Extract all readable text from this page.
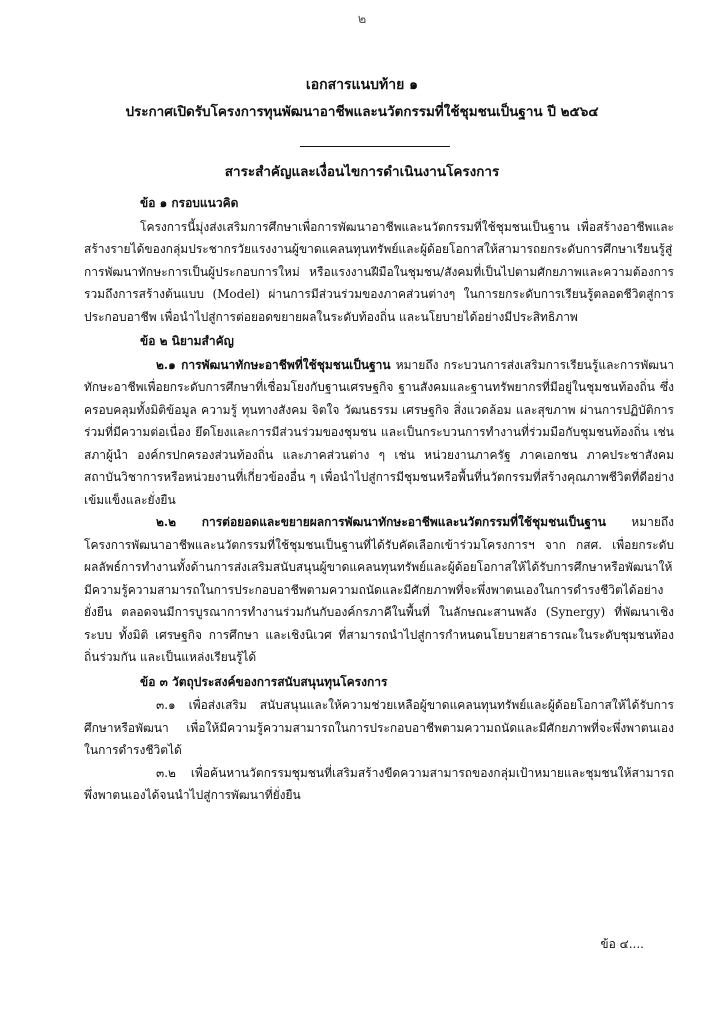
๒
เอกสารแนบท้าย ๑
ประกาศเปิดรับโครงการทุนพัฒนาอาชีพและนวัตกรรมที่ใช้ชุมชนเป็นฐาน ปี ๒๕๖๔
สาระสำคัญและเงื่อนไขการดำเนินงานโครงการ
ข้อ ๑ กรอบแนวคิด

โครงการนี้มุ่งส่งเสริมการศึกษาเพื่อการพัฒนาอาชีพและนวัตกรรมที่ใช้ชุมชนเป็นฐาน เพื่อสร้างอาชีพและสร้างรายได้ของกลุ่มประชากรวัยแรงงานผู้ขาดแคลนทุนทรัพย์และผู้ด้อยโอกาสให้สามารถยกระดับการศึกษาเรียนรู้สู่การพัฒนาทักษะการเป็นผู้ประกอบการใหม่ หรือแรงงานฝีมือในชุมชน/สังคมที่เป็นไปตามศักยภาพและความต้องการ รวมถึงการสร้างต้นแบบ (Model) ผ่านการมีส่วนร่วมของภาคส่วนต่างๆ ในการยกระดับการเรียนรู้ตลอดชีวิตสู่การประกอบอาชีพ เพื่อนำไปสู่การต่อยอดขยายผลในระดับท้องถิ่น และนโยบายได้อย่างมีประสิทธิภาพ

ข้อ ๒ นิยามสำคัญ

๒.๑ การพัฒนาทักษะอาชีพที่ใช้ชุมชนเป็นฐาน หมายถึง กระบวนการส่งเสริมการเรียนรู้และการพัฒนาทักษะอาชีพเพื่อยกระดับการศึกษาที่เชื่อมโยงกับฐานเศรษฐกิจ ฐานสังคมและฐานทรัพยากรที่มีอยู่ในชุมชนท้องถิ่น ซึ่งครอบคลุมทั้งมิติข้อมูล ความรู้ ทุนทางสังคม จิตใจ วัฒนธรรม เศรษฐกิจ สิ่งแวดล้อม และสุขภาพ ผ่านการปฏิบัติการร่วมที่มีความต่อเนื่อง ยึดโยงและการมีส่วนร่วมของชุมชน และเป็นกระบวนการทำงานที่ร่วมมือกับชุมชนท้องถิ่น เช่น สภาผู้นำ องค์กรปกครองส่วนท้องถิ่น และภาคส่วนต่าง ๆ เช่น หน่วยงานภาครัฐ ภาคเอกชน ภาคประชาสังคม สถาบันวิชาการหรือหน่วยงานที่เกี่ยวข้องอื่น ๆ เพื่อนำไปสู่การมีชุมชนหรือพื้นที่นวัตกรรมที่สร้างคุณภาพชีวิตที่ดีอย่างเข้มแข็งและยั่งยืน

๒.๒ การต่อยอดและขยายผลการพัฒนาทักษะอาชีพและนวัตกรรมที่ใช้ชุมชนเป็นฐาน หมายถึง โครงการพัฒนาอาชีพและนวัตกรรมที่ใช้ชุมชนเป็นฐานที่ได้รับคัดเลือกเข้าร่วมโครงการฯ จาก กสศ. เพื่อยกระดับผลลัพธ์การทำงานทั้งด้านการส่งเสริมสนับสนุนผู้ขาดแคลนทุนทรัพย์และผู้ด้อยโอกาสให้ได้รับการศึกษาหรือพัฒนาให้มีความรู้ความสามารถในการประกอบอาชีพตามความถนัดและมีศักยภาพที่จะพึ่งพาตนเองในการดำรงชีวิตได้อย่างยั่งยืน ตลอดจนมีการบูรณาการทำงานร่วมกันกับองค์กรภาคีในพื้นที่ ในลักษณะสานพลัง (Synergy) ที่พัฒนาเชิงระบบ ทั้งมิติ เศรษฐกิจ การศึกษา และเชิงนิเวศ ที่สามารถนำไปสู่การกำหนดนโยบายสาธารณะในระดับชุมชนท้องถิ่นร่วมกัน และเป็นแหล่งเรียนรู้ได้

ข้อ ๓ วัตถุประสงค์ของการสนับสนุนทุนโครงการ

๓.๑ เพื่อส่งเสริม สนับสนุนและให้ความช่วยเหลือผู้ขาดแคลนทุนทรัพย์และผู้ด้อยโอกาสให้ได้รับการศึกษาหรือพัฒนา เพื่อให้มีความรู้ความสามารถในการประกอบอาชีพตามความถนัดและมีศักยภาพที่จะพึ่งพาตนเองในการดำรงชีวิตได้

๓.๒ เพื่อค้นหานวัตกรรมชุมชนที่เสริมสร้างขีดความสามารถของกลุ่มเป้าหมายและชุมชนให้สามารถพึ่งพาตนเองได้จนนำไปสู่การพัฒนาที่ยั่งยืน

ข้อ ๔....
